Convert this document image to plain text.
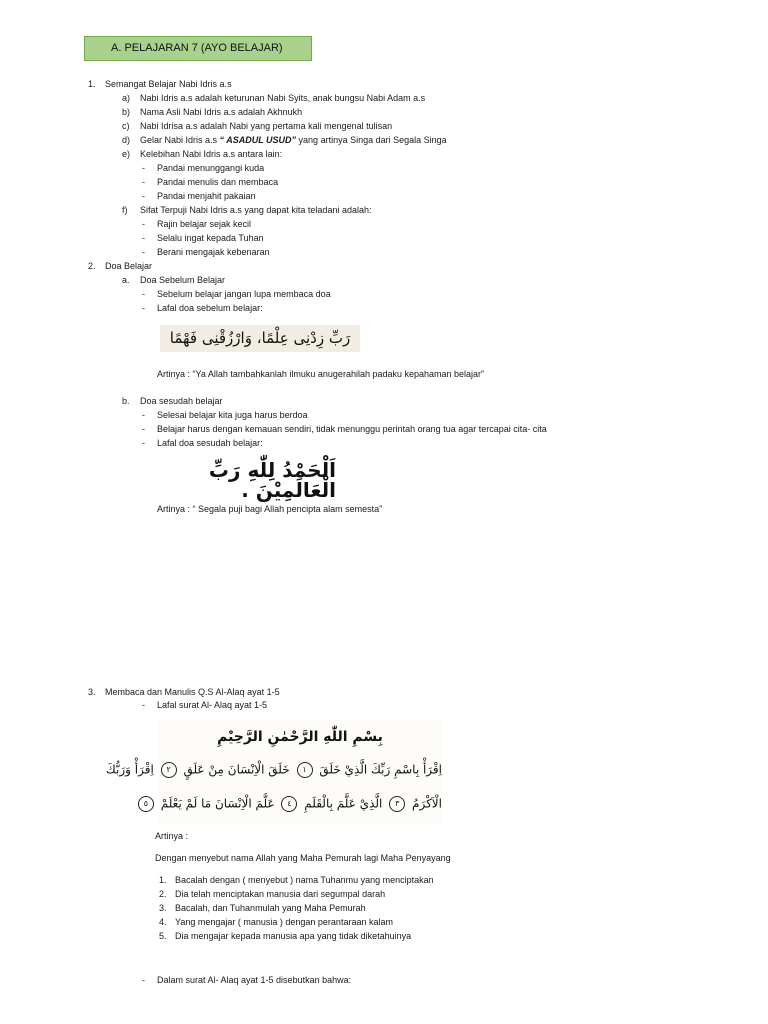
A. PELAJARAN 7 (AYO BELAJAR)
1. Semangat Belajar Nabi Idris a.s
a) Nabi Idris a.s adalah keturunan Nabi Syits, anak bungsu Nabi Adam a.s
b) Nama Asli Nabi Idris a.s adalah Akhnukh
c) Nabi Idrisa a.s adalah Nabi yang pertama kali mengenal tulisan
d) Gelar Nabi Idris a.s “ ASADUL USUD” yang artinya Singa dari Segala Singa
e) Kelebihan Nabi Idris a.s antara lain:
- Pandai menunggangi kuda
- Pandai menulis dan membaca
- Pandai menjahit pakaian
f) Sifat Terpuji Nabi Idris a.s yang dapat kita teladani adalah:
- Rajin belajar sejak kecil
- Selalu ingat kepada Tuhan
- Berani mengajak kebenaran
2. Doa Belajar
a. Doa Sebelum Belajar
- Sebelum belajar jangan lupa membaca doa
- Lafal doa sebelum belajar:
رَبِّ زِدْنِى عِلْمًا، وَارْزُقْنِى فَهْمًا
Artinya : “Ya Allah tambahkanlah ilmuku anugerahilah padaku kepahaman belajar”
b. Doa sesudah belajar
- Selesai belajar kita juga harus berdoa
- Belajar harus dengan kemauan sendiri, tidak menunggu perintah orang tua agar tercapai cita- cita
- Lafal doa sesudah belajar:
اَلْحَمْدُ لِلّٰهِ رَبِّ الْعَالَمِيْنَ .
Artinya : “ Segala puji bagi Allah pencipta alam semesta”
3. Membaca dan Manulis Q.S Al-Alaq ayat 1-5
- Lafal surat Al- Alaq ayat 1-5
بِسْمِ اللّٰهِ الرَّحْمٰنِ الرَّحِيْمِ
اِقْرَأْ بِاسْمِ رَبِّكَ الَّذِيْ خَلَقَ ١ خَلَقَ الْاِنْسَانَ مِنْ عَلَقٍ ٢ اِقْرَأْ وَرَبُّكَ
الْاَكْرَمُ ٣ الَّذِيْ عَلَّمَ بِالْقَلَمِ ٤ عَلَّمَ الْاِنْسَانَ مَا لَمْ يَعْلَمْ ٥
Artinya :
Dengan menyebut nama Allah yang Maha Pemurah lagi Maha Penyayang
1. Bacalah dengan ( menyebut ) nama Tuhanmu yang menciptakan
2. Dia telah menciptakan manusia dari segumpal darah
3. Bacalah, dan Tuhanmulah yang Maha Pemurah
4. Yang mengajar ( manusia ) dengan perantaraan kalam
5. Dia mengajar kepada manusia apa yang tidak diketahuinya
- Dalam surat Al- Alaq ayat 1-5 disebutkan bahwa:
